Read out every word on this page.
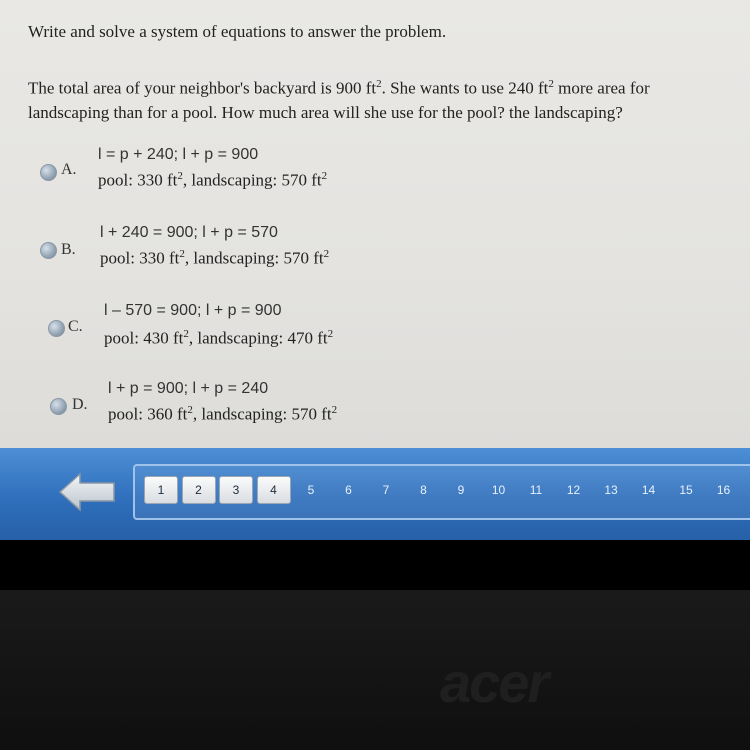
Write and solve a system of equations to answer the problem.
The total area of your neighbor's backyard is 900 $ft^2$. She wants to use 240 $ft^2$ more area for
landscaping than for a pool. How much area will she use for the pool? the landscaping?
A.
l = p + 240; l + p = 900
pool: 330 $ft^2$, landscaping: 570 $ft^2$
B.
l + 240 = 900; l + p = 570
pool: 330 $ft^2$, landscaping: 570 $ft^2$
C.
l – 570 = 900; l + p = 900
pool: 430 $ft^2$, landscaping: 470 $ft^2$
D.
l + p = 900; l + p = 240
pool: 360 $ft^2$, landscaping: 570 $ft^2$
1	2	3	4	5	6	7	8	9	10	11	12	13	14	15	16
acer
